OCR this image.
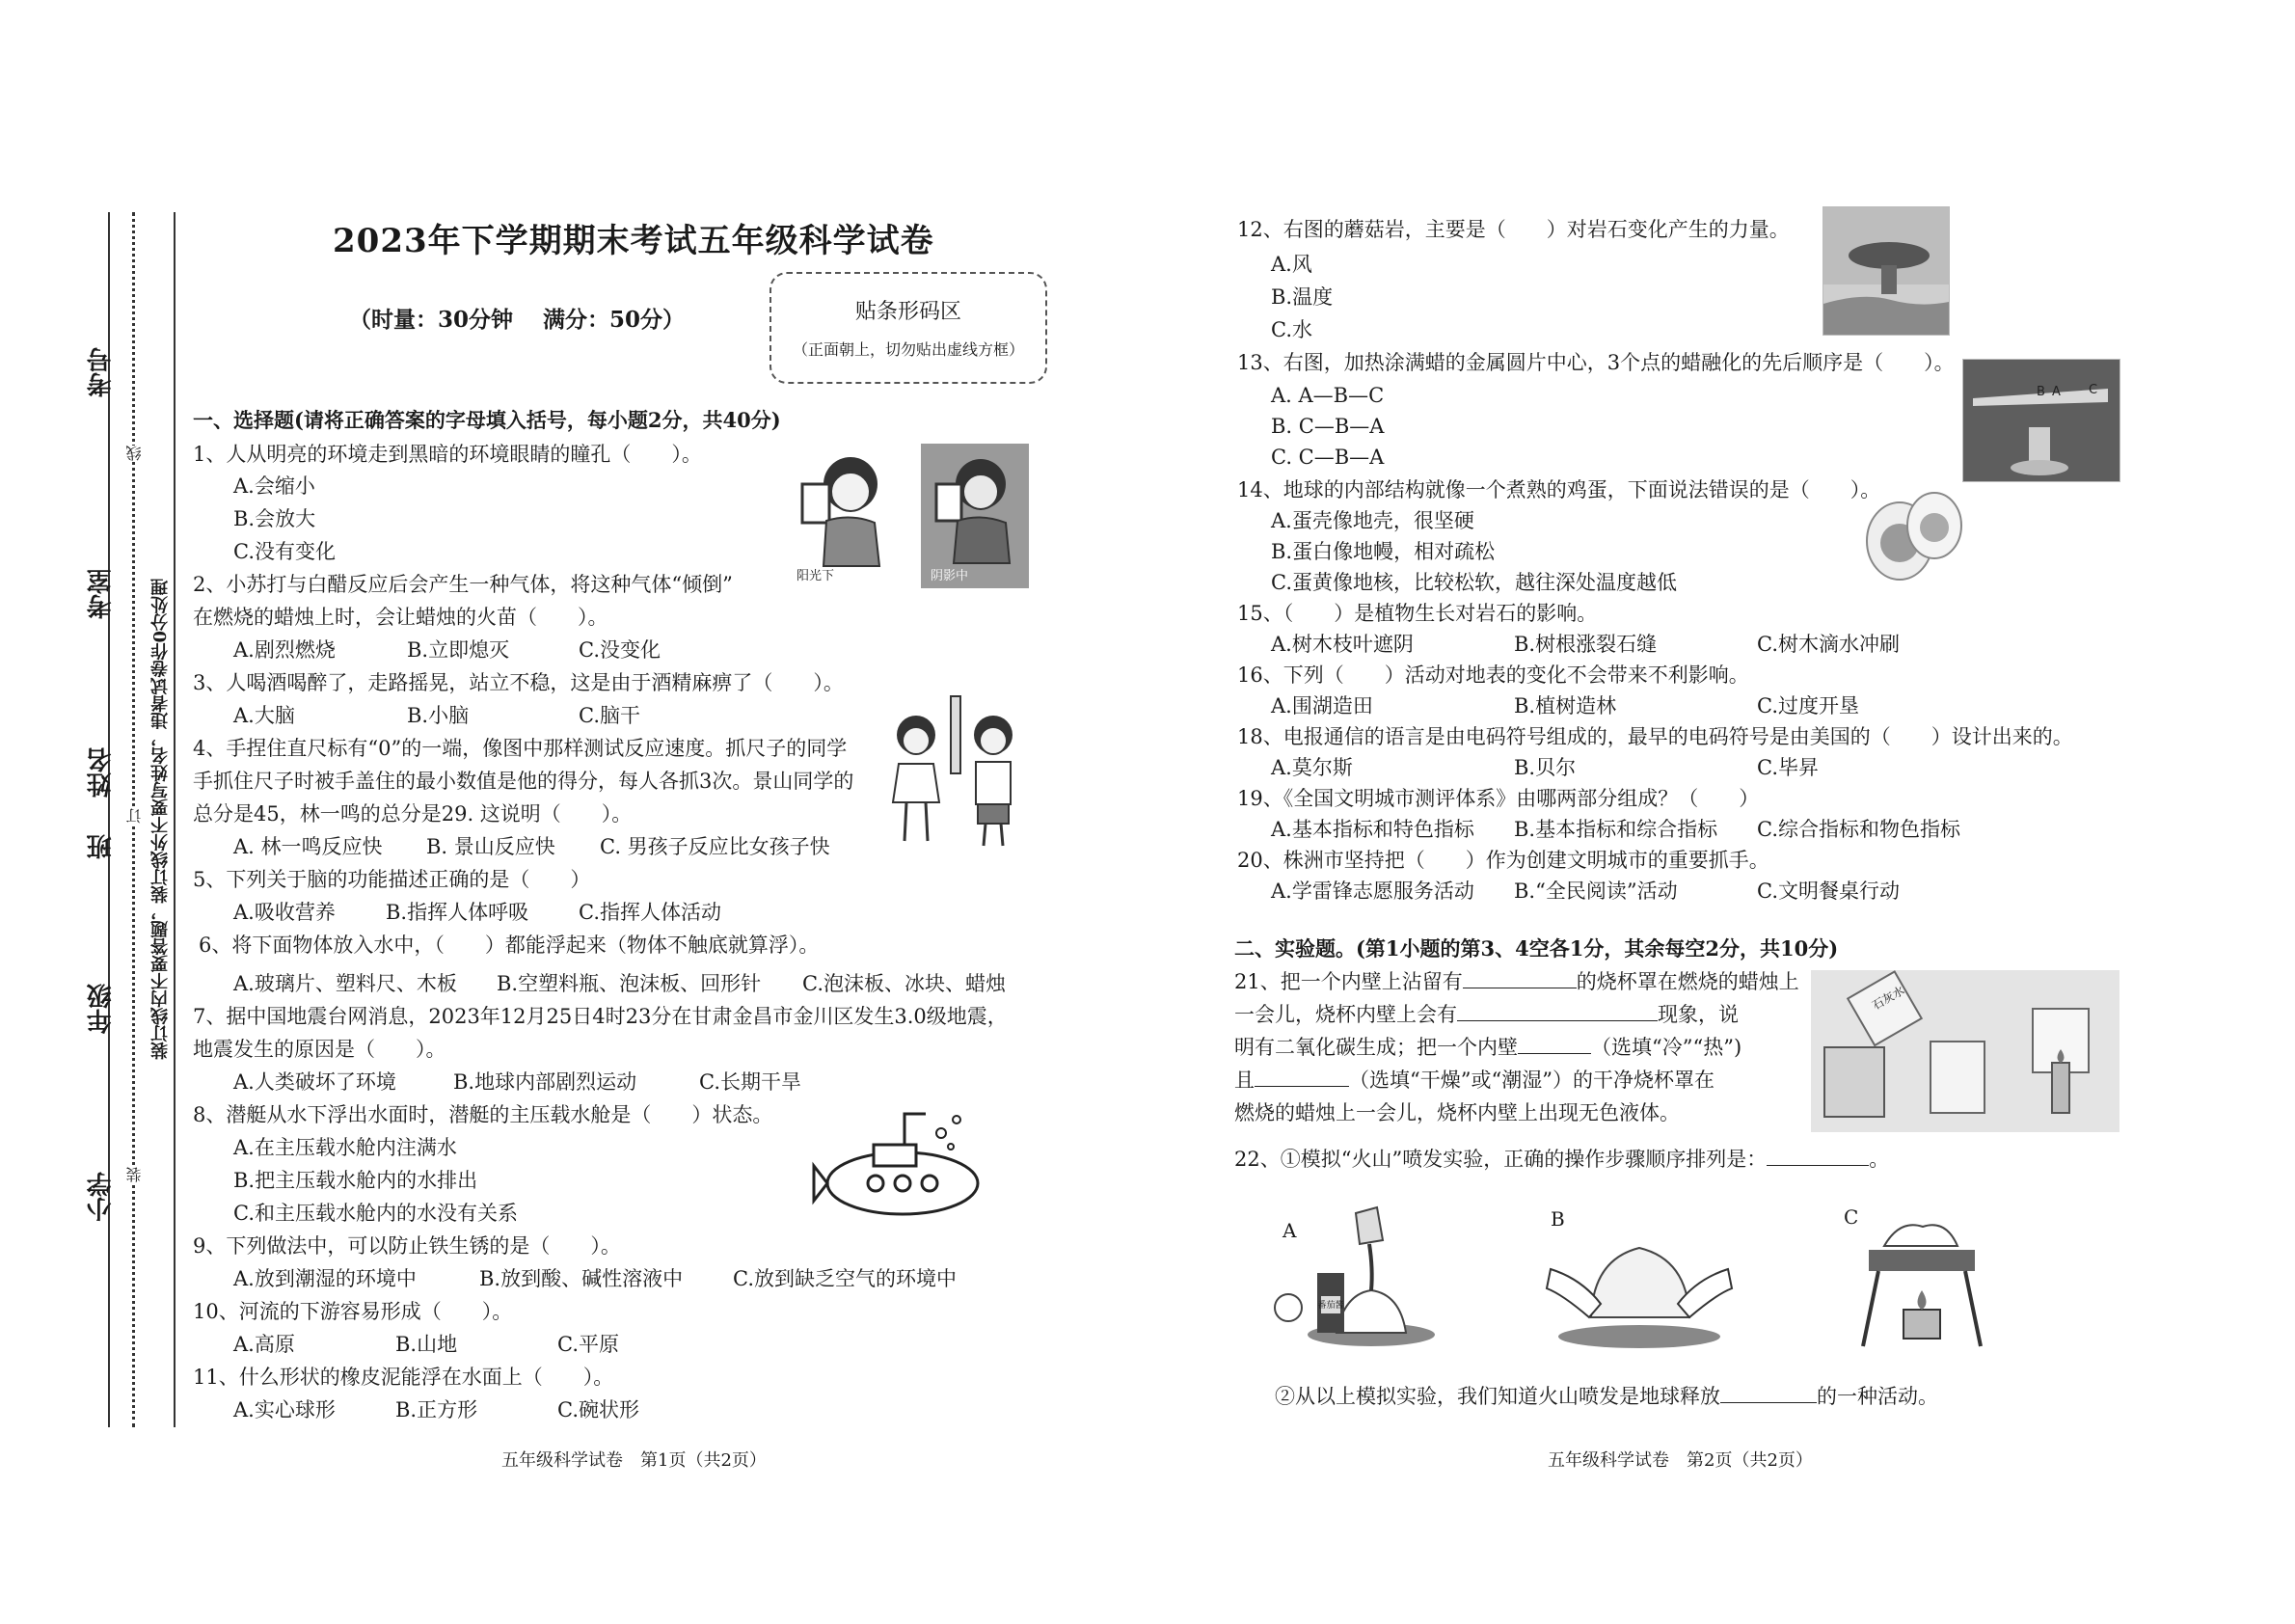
考号
考室
姓名
班
年级
小学
线
订
装
装订线内不要答题，装订线外不要写姓名，违者试卷作0分处理
2023年下学期期末考试五年级科学试卷
（时量：30分钟　 满分：50分）	贴条形码区
（正面朝上，切勿贴出虚线方框）
一、选择题(请将正确答案的字母填入括号，每小题2分，共40分)
1、人从明亮的环境走到黑暗的环境眼睛的瞳孔（　　）。
A.会缩小
B.会放大
C.没有变化
阳光下	阴影中
2、小苏打与白醋反应后会产生一种气体，将这种气体“倾倒”
在燃烧的蜡烛上时，会让蜡烛的火苗（　　）。
A.剧烈燃烧	B.立即熄灭	C.没变化
3、人喝酒喝醉了，走路摇晃，站立不稳，这是由于酒精麻痹了（　　）。
A.大脑	B.小脑	C.脑干
4、手捏住直尺标有“0”的一端，像图中那样测试反应速度。抓尺子的同学
手抓住尺子时被手盖住的最小数值是他的得分，每人各抓3次。景山同学的
总分是45，林一鸣的总分是29. 这说明（　　）。
A. 林一鸣反应快 B. 景山反应快 C. 男孩子反应比女孩子快
5、下列关于脑的功能描述正确的是（　　）
A.吸收营养 B.指挥人体呼吸 C.指挥人体活动
6、将下面物体放入水中，（　　）都能浮起来（物体不触底就算浮）。
A.玻璃片、塑料尺、木板 B.空塑料瓶、泡沫板、回形针 C.泡沫板、冰块、蜡烛
7、据中国地震台网消息，2023年12月25日4时23分在甘肃金昌市金川区发生3.0级地震，
地震发生的原因是（　　）。
A.人类破坏了环境	B.地球内部剧烈运动	C.长期干旱
8、潜艇从水下浮出水面时，潜艇的主压载水舱是（　　）状态。
A.在主压载水舱内注满水
B.把主压载水舱内的水排出
C.和主压载水舱内的水没有关系
9、下列做法中，可以防止铁生锈的是（　　）。
A.放到潮湿的环境中	B.放到酸、碱性溶液中 C.放到缺乏空气的环境中
10、河流的下游容易形成（　　）。
A.高原	B.山地	C.平原
11、什么形状的橡皮泥能浮在水面上（　　）。
A.实心球形	B.正方形	C.碗状形
五年级科学试卷　第1页（共2页）
12、右图的蘑菇岩，主要是（　　）对岩石变化产生的力量。
A.风
B.温度
C.水
13、右图，加热涂满蜡的金属圆片中心，3个点的蜡融化的先后顺序是（　　）。
A. A—B—C
B. C—B—A
C. C—B—A
B A C
14、地球的内部结构就像一个煮熟的鸡蛋，下面说法错误的是（　　）。
A.蛋壳像地壳，很坚硬
B.蛋白像地幔，相对疏松
C.蛋黄像地核，比较松软，越往深处温度越低
15、（　　）是植物生长对岩石的影响。
A.树木枝叶遮阴	B.树根涨裂石缝	C.树木滴水冲刷
16、下列（　　）活动对地表的变化不会带来不利影响。
A.围湖造田	B.植树造林	C.过度开垦
18、电报通信的语言是由电码符号组成的，最早的电码符号是由美国的（　　）设计出来的。
A.莫尔斯	B.贝尔	C.毕昇
19、《全国文明城市测评体系》由哪两部分组成？（　　）
A.基本指标和特色指标 B.基本指标和综合指标 C.综合指标和物色指标
20、株洲市坚持把（　　）作为创建文明城市的重要抓手。
A.学雷锋志愿服务活动 B.“全民阅读”活动	C.文明餐桌行动
二、实验题。(第1小题的第3、4空各1分，其余每空2分，共10分)
21、把一个内壁上沾留有	的烧杯罩在燃烧的蜡烛上
一会儿，烧杯内壁上会有	现象，说
明有二氧化碳生成；把一个内壁	（选填“冷”“热”)
且	（选填“干燥”或“潮湿”）的干净烧杯罩在
燃烧的蜡烛上一会儿，烧杯内壁上出现无色液体。
石灰水
22、①模拟“火山”喷发实验，正确的操作步骤顺序排列是：	。
A
番茄酱
B	C
②从以上模拟实验，我们知道火山喷发是地球释放	的一种活动。
五年级科学试卷　第2页（共2页）
